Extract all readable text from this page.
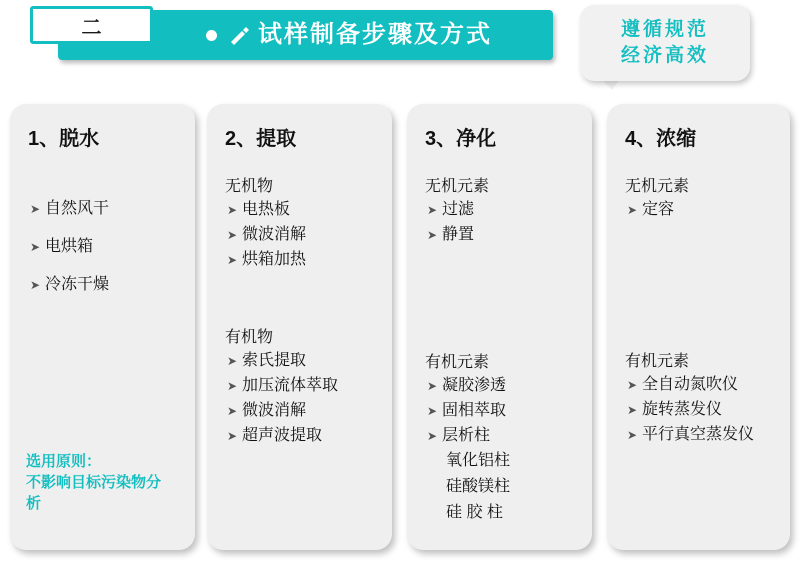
试样制备步骤及方式
二	遵循规范
经济高效
1、脱水
➤ 自然风干
➤ 电烘箱
➤ 冷冻干燥
选用原则：
不影响目标污染物分
析
2、提取
无机物
➤ 电热板
➤ 微波消解
➤ 烘箱加热
有机物
➤ 索氏提取
➤ 加压流体萃取
➤ 微波消解
➤ 超声波提取
3、净化
无机元素
➤ 过滤
➤ 静置
有机元素
➤ 凝胶渗透
➤ 固相萃取
➤ 层析柱
氧化铝柱
硅酸镁柱
硅 胶 柱
4、浓缩
无机元素
➤ 定容
有机元素
➤ 全自动氮吹仪
➤ 旋转蒸发仪
➤ 平行真空蒸发仪
